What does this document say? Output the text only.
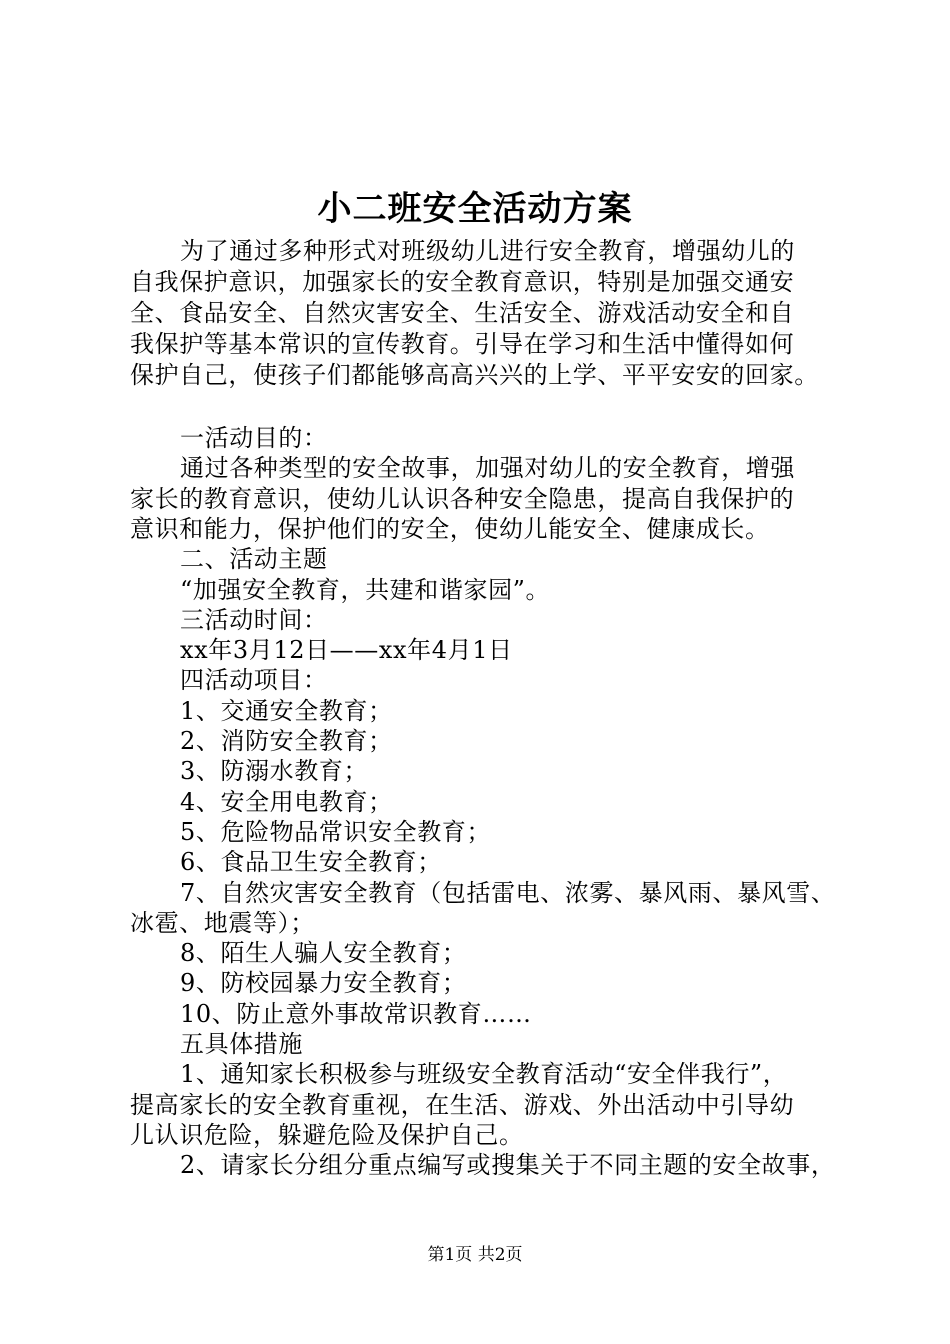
小二班安全活动方案
为了通过多种形式对班级幼儿进行安全教育，增强幼儿的
自我保护意识，加强家长的安全教育意识，特别是加强交通安
全、食品安全、自然灾害安全、生活安全、游戏活动安全和自
我保护等基本常识的宣传教育。引导在学习和生活中懂得如何
保护自己，使孩子们都能够高高兴兴的上学、平平安安的回家。
一活动目的：
通过各种类型的安全故事，加强对幼儿的安全教育，增强
家长的教育意识，使幼儿认识各种安全隐患，提高自我保护的
意识和能力，保护他们的安全，使幼儿能安全、健康成长。
二、活动主题
“加强安全教育，共建和谐家园”。
三活动时间：
xx年3月12日——xx年4月1日
四活动项目：
1、交通安全教育；
2、消防安全教育；
3、防溺水教育；
4、安全用电教育；
5、危险物品常识安全教育；
6、食品卫生安全教育；
7、自然灾害安全教育（包括雷电、浓雾、暴风雨、暴风雪、
冰雹、地震等）；
8、陌生人骗人安全教育；
9、防校园暴力安全教育；
10、防止意外事故常识教育……
五具体措施
1、通知家长积极参与班级安全教育活动“安全伴我行”，
提高家长的安全教育重视，在生活、游戏、外出活动中引导幼
儿认识危险，躲避危险及保护自己。
2、请家长分组分重点编写或搜集关于不同主题的安全故事，
第1页 共2页
